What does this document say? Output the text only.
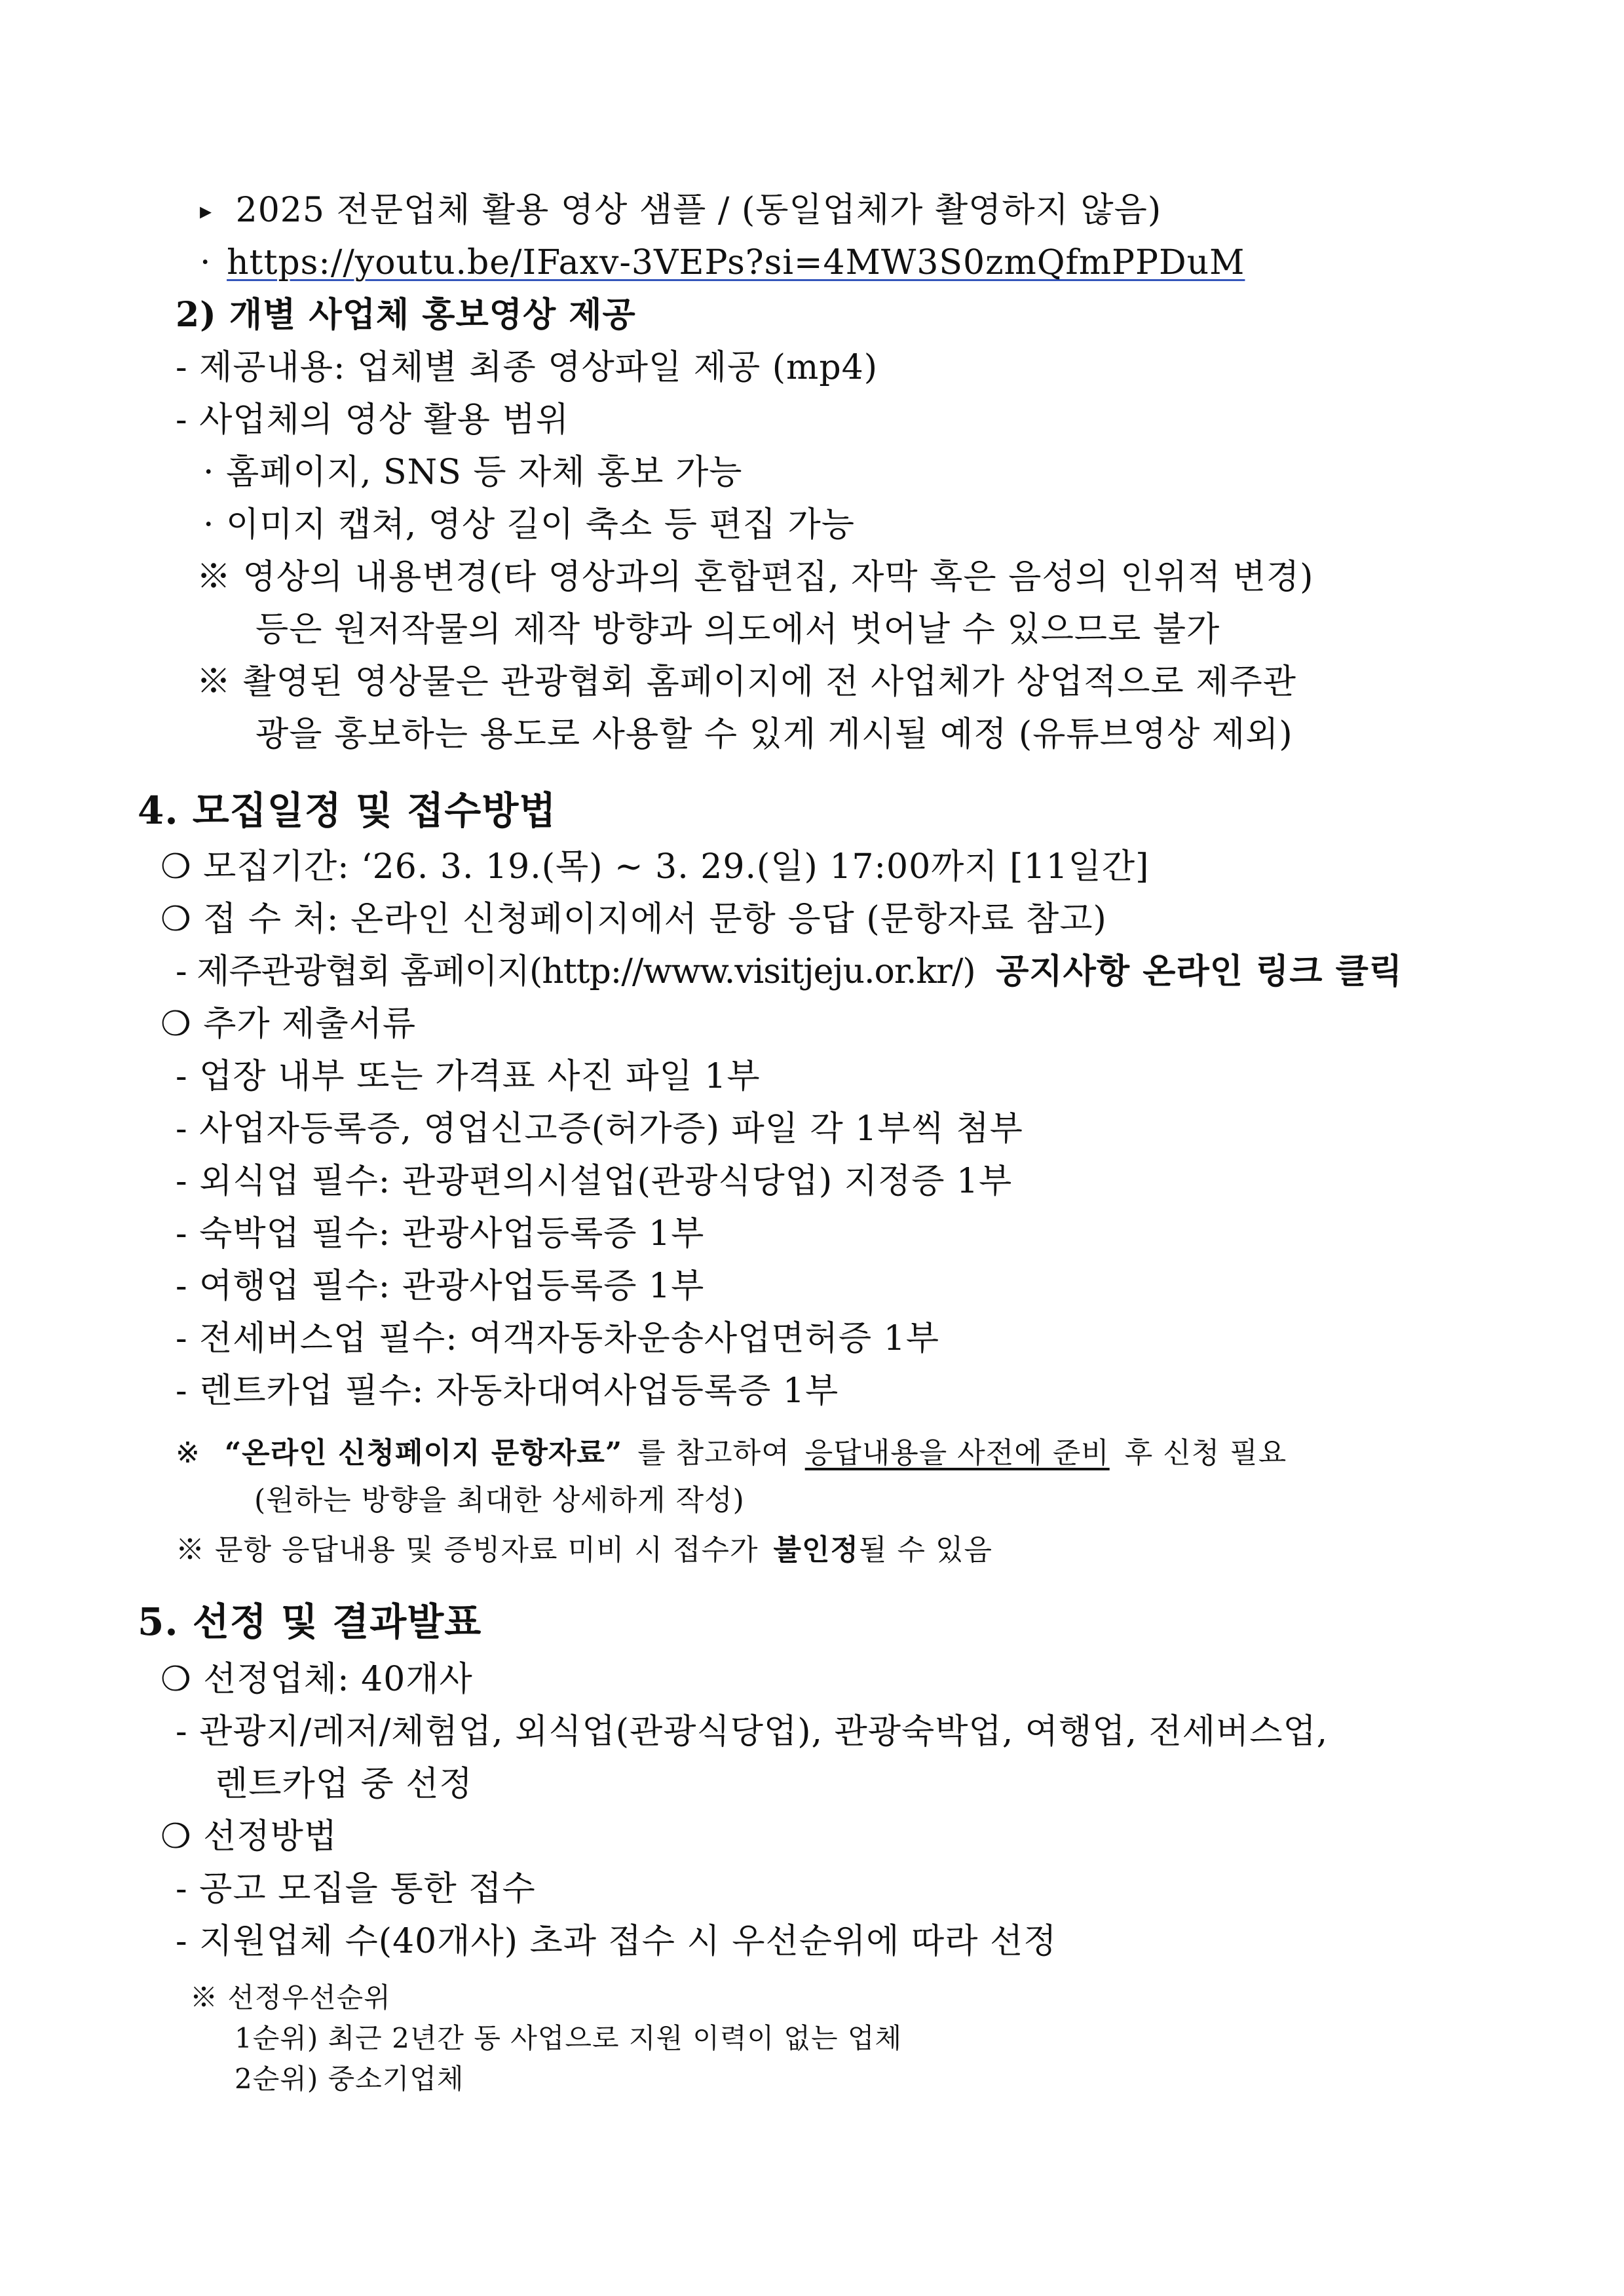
▸ 2025 전문업체 활용 영상 샘플 / (동일업체가 촬영하지 않음)
· https://youtu.be/IFaxv-3VEPs?si=4MW3S0zmQfmPPDuM
2) 개별 사업체 홍보영상 제공
- 제공내용: 업체별 최종 영상파일 제공 (mp4)
- 사업체의 영상 활용 범위
· 홈페이지, SNS 등 자체 홍보 가능
· 이미지 캡쳐, 영상 길이 축소 등 편집 가능
※ 영상의 내용변경(타 영상과의 혼합편집, 자막 혹은 음성의 인위적 변경)
등은 원저작물의 제작 방향과 의도에서 벗어날 수 있으므로 불가
※ 촬영된 영상물은 관광협회 홈페이지에 전 사업체가 상업적으로 제주관
광을 홍보하는 용도로 사용할 수 있게 게시될 예정 (유튜브영상 제외)
4. 모집일정 및 접수방법
❍ 모집기간: ‘26. 3. 19.(목) ~ 3. 29.(일) 17:00까지 [11일간]
❍ 접 수 처: 온라인 신청페이지에서 문항 응답 (문항자료 참고)
- 제주관광협회 홈페이지(http://www.visitjeju.or.kr/) 공지사항 온라인 링크 클릭
❍ 추가 제출서류
- 업장 내부 또는 가격표 사진 파일 1부
- 사업자등록증, 영업신고증(허가증) 파일 각 1부씩 첨부
- 외식업 필수: 관광편의시설업(관광식당업) 지정증 1부
- 숙박업 필수: 관광사업등록증 1부
- 여행업 필수: 관광사업등록증 1부
- 전세버스업 필수: 여객자동차운송사업면허증 1부
- 렌트카업 필수: 자동차대여사업등록증 1부
※ “온라인 신청페이지 문항자료” 를 참고하여 응답내용을 사전에 준비 후 신청 필요
(원하는 방향을 최대한 상세하게 작성)
※ 문항 응답내용 및 증빙자료 미비 시 접수가 불인정될 수 있음
5. 선정 및 결과발표
❍ 선정업체: 40개사
- 관광지/레저/체험업, 외식업(관광식당업), 관광숙박업, 여행업, 전세버스업,
렌트카업 중 선정
❍ 선정방법
- 공고 모집을 통한 접수
- 지원업체 수(40개사) 초과 접수 시 우선순위에 따라 선정
※ 선정우선순위
1순위) 최근 2년간 동 사업으로 지원 이력이 없는 업체
2순위) 중소기업체
